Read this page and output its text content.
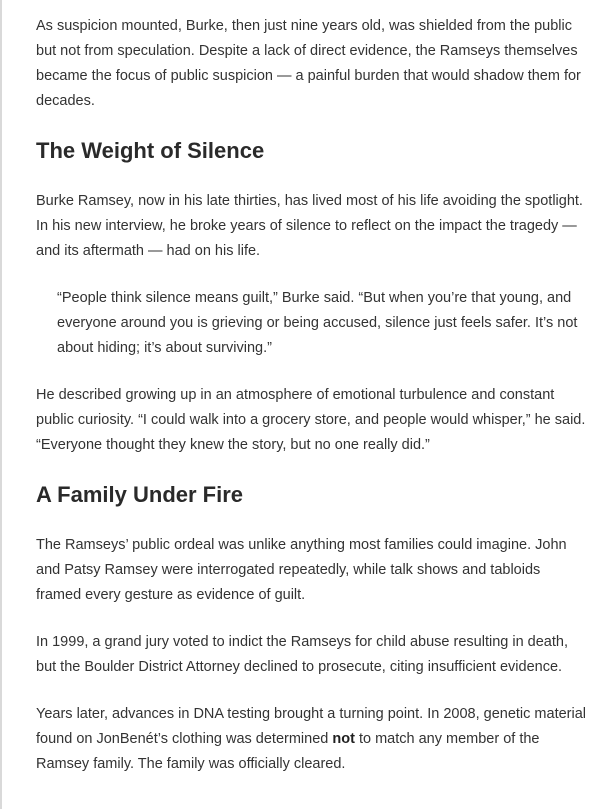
As suspicion mounted, Burke, then just nine years old, was shielded from the public but not from speculation. Despite a lack of direct evidence, the Ramseys themselves became the focus of public suspicion — a painful burden that would shadow them for decades.

The Weight of Silence

Burke Ramsey, now in his late thirties, has lived most of his life avoiding the spotlight. In his new interview, he broke years of silence to reflect on the impact the tragedy — and its aftermath — had on his life.

“People think silence means guilt,” Burke said. “But when you’re that young, and everyone around you is grieving or being accused, silence just feels safer. It’s not about hiding; it’s about surviving.”

He described growing up in an atmosphere of emotional turbulence and constant public curiosity. “I could walk into a grocery store, and people would whisper,” he said. “Everyone thought they knew the story, but no one really did.”

A Family Under Fire

The Ramseys’ public ordeal was unlike anything most families could imagine. John and Patsy Ramsey were interrogated repeatedly, while talk shows and tabloids framed every gesture as evidence of guilt.

In 1999, a grand jury voted to indict the Ramseys for child abuse resulting in death, but the Boulder District Attorney declined to prosecute, citing insufficient evidence.

Years later, advances in DNA testing brought a turning point. In 2008, genetic material found on JonBenét’s clothing was determined not to match any member of the Ramsey family. The family was officially cleared.
